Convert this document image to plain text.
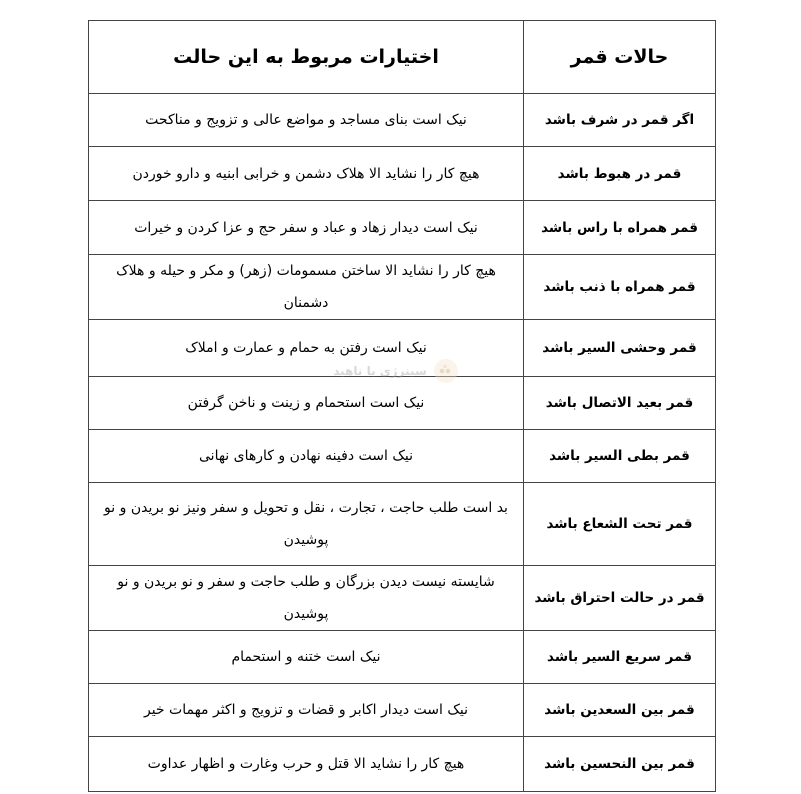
حالات قمر	اختیارات مربوط به این حالت
اگر قمر در شرف باشد	نیک است بنای مساجد و مواضع عالی و تزویج و مناکحت
قمر در هبوط باشد	هیچ کار را نشاید الا هلاک دشمن و خرابی ابنیه و دارو خوردن
قمر همراه با راس باشد	نیک است دیدار زهاد و عباد و سفر حج و عزا کردن و خیرات
قمر همراه با ذنب باشد	هیچ کار را نشاید الا ساختن مسمومات (زهر) و مکر و حیله و هلاک دشمنان
قمر وحشی السیر باشد	نیک است رفتن به حمام و عمارت و املاک
قمر بعید الاتصال باشد	نیک است استحمام و زینت و ناخن گرفتن
قمر بطی السیر باشد	نیک است دفینه نهادن و کارهای نهانی
قمر تحت الشعاع باشد	بد است طلب حاجت ، تجارت ، نقل و تحویل و سفر ونیز نو بریدن و نو پوشیدن
قمر در حالت احتراق باشد	شایسته نیست دیدن بزرگان و طلب حاجت و سفر و نو بریدن و نو پوشیدن
قمر سریع السیر باشد	نیک است ختنه و استحمام
قمر بین السعدین باشد	نیک است دیدار اکابر و قضات و تزویج و اکثر مهمات خیر
قمر بین النحسین باشد	هیچ کار را نشاید الا قتل و حرب وغارت و اظهار عداوت
سینرژی با ناهید
